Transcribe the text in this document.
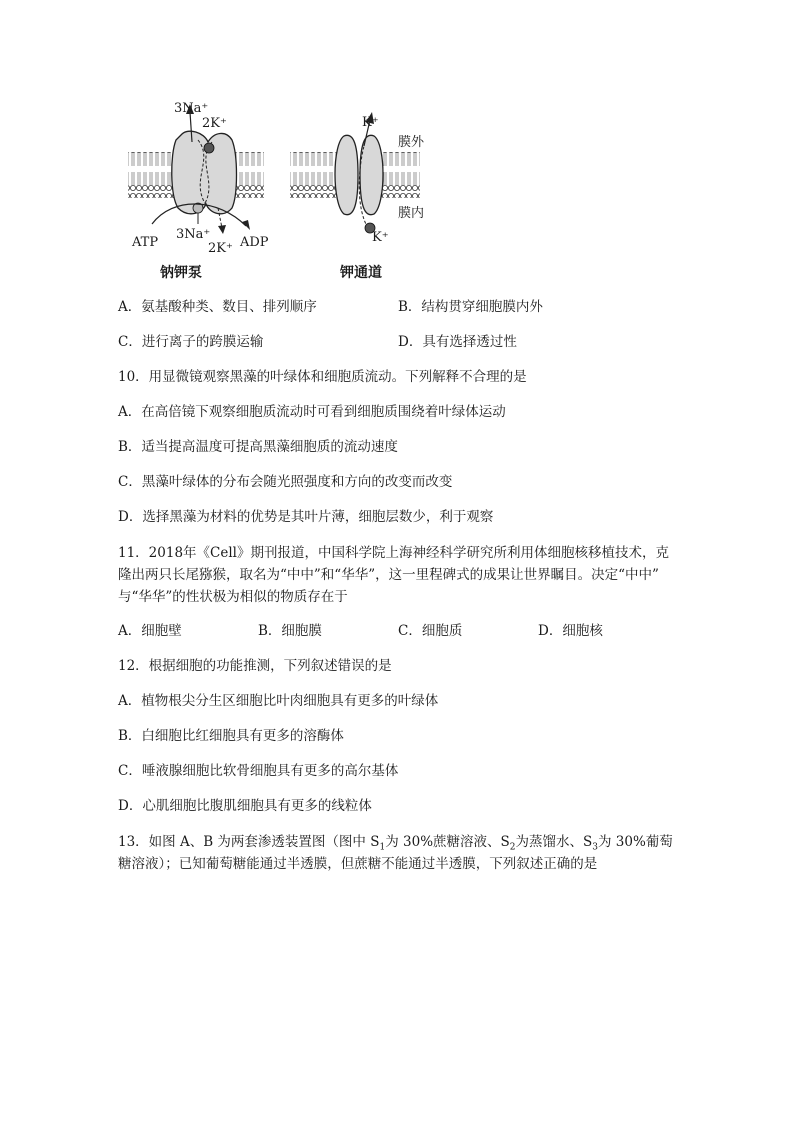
3Na⁺
2K⁺
3Na⁺
2K⁺
ATP	ADP
K⁺
K⁺
膜外
膜内
钠钾泵	钾通道
A．氨基酸种类、数目、排列顺序	B．结构贯穿细胞膜内外
C．进行离子的跨膜运输	D．具有选择透过性
10．用显微镜观察黑藻的叶绿体和细胞质流动。下列解释不合理的是
A．在高倍镜下观察细胞质流动时可看到细胞质围绕着叶绿体运动
B．适当提高温度可提高黑藻细胞质的流动速度
C．黑藻叶绿体的分布会随光照强度和方向的改变而改变
D．选择黑藻为材料的优势是其叶片薄，细胞层数少，利于观察
11．2018年《Cell》期刊报道，中国科学院上海神经科学研究所利用体细胞核移植技术，克
隆出两只长尾猕猴，取名为“中中”和“华华”，这一里程碑式的成果让世界瞩目。决定“中中”
与“华华”的性状极为相似的物质存在于
A．细胞壁	B．细胞膜	C．细胞质	D．细胞核
12．根据细胞的功能推测，下列叙述错误的是
A．植物根尖分生区细胞比叶肉细胞具有更多的叶绿体
B．白细胞比红细胞具有更多的溶酶体
C．唾液腺细胞比软骨细胞具有更多的高尔基体
D．心肌细胞比腹肌细胞具有更多的线粒体
13．如图 A、B 为两套渗透装置图（图中 $S_1$为 30%蔗糖溶液、$S_2$为蒸馏水、$S_3$为 30%葡萄
糖溶液）；已知葡萄糖能通过半透膜，但蔗糖不能通过半透膜，下列叙述正确的是
